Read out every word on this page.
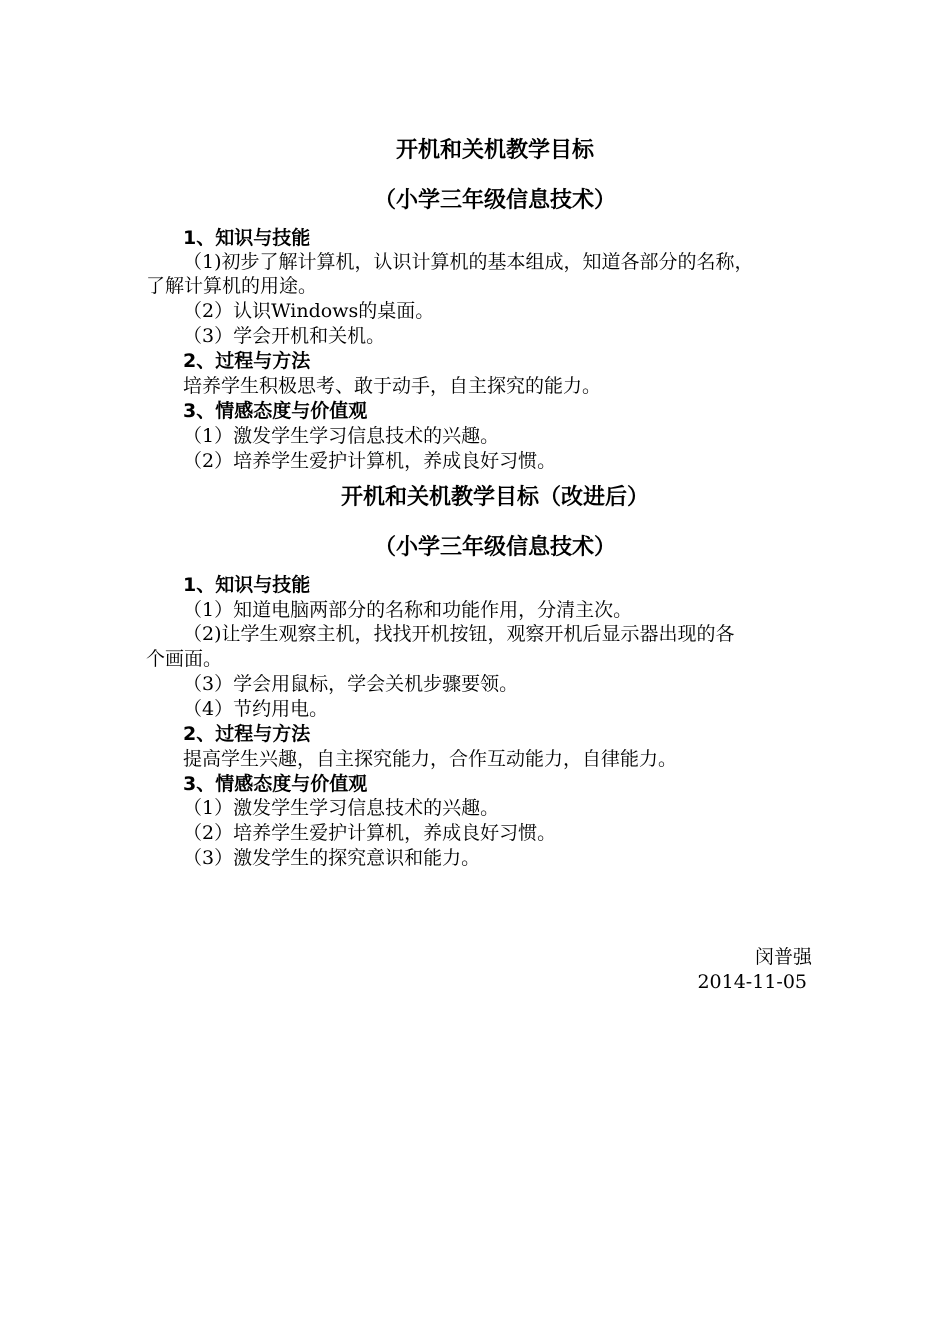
开机和关机教学目标
（小学三年级信息技术）
1、知识与技能
（1)初步了解计算机，认识计算机的基本组成，知道各部分的名称，
了解计算机的用途。
（2）认识Windows的桌面。
（3）学会开机和关机。
2、过程与方法
培养学生积极思考、敢于动手，自主探究的能力。
3、情感态度与价值观
（1）激发学生学习信息技术的兴趣。
（2）培养学生爱护计算机，养成良好习惯。
开机和关机教学目标（改进后）
（小学三年级信息技术）
1、知识与技能
（1）知道电脑两部分的名称和功能作用，分清主次。
（2)让学生观察主机，找找开机按钮，观察开机后显示器出现的各
个画面。
（3）学会用鼠标，学会关机步骤要领。
（4）节约用电。
2、过程与方法
提高学生兴趣，自主探究能力，合作互动能力，自律能力。
3、情感态度与价值观
（1）激发学生学习信息技术的兴趣。
（2）培养学生爱护计算机，养成良好习惯。
（3）激发学生的探究意识和能力。
闵普强
2014-11-05
